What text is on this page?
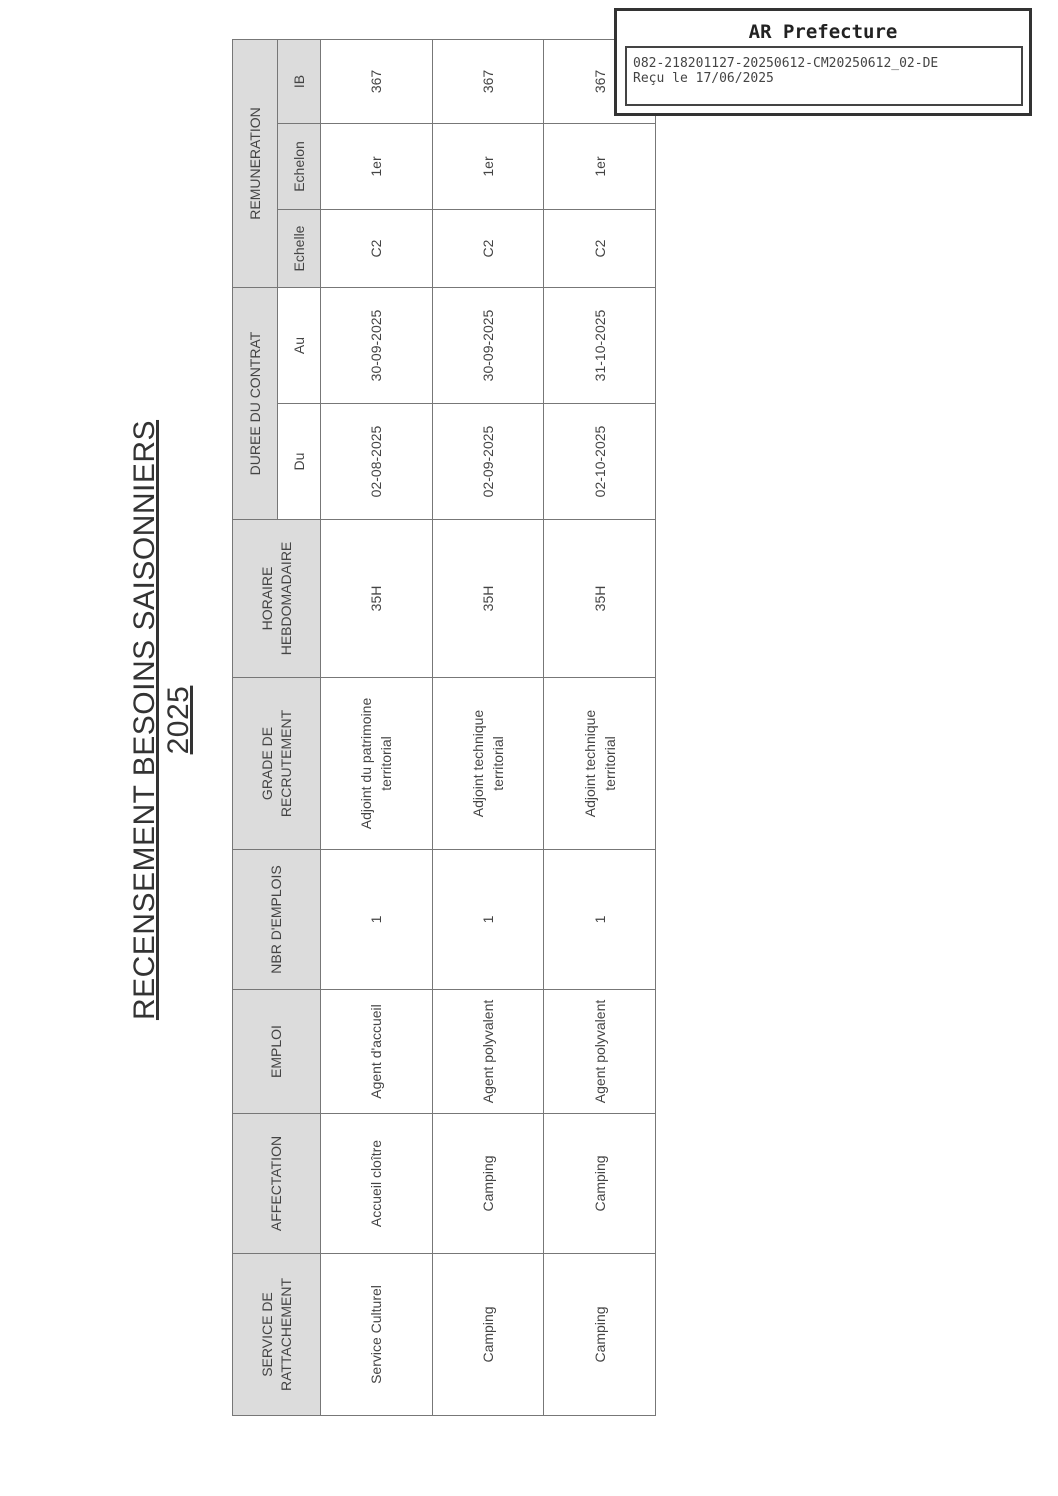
RECENSEMENT BESOINS SAISONNIERS 2025
SERVICE DE RATTACHEMENT	AFFECTATION	EMPLOI	NBR D'EMPLOIS	GRADE DE RECRUTEMENT	HORAIRE HEBDOMADAIRE	DUREE DU CONTRAT		REMUNERATION		
						Du	Au	Echelle	Echelon	IB
Service Culturel	Accueil cloître	Agent d'accueil	1	Adjoint du patrimoine territorial	35H	02-08-2025	30-09-2025	C2	1er	367
Camping	Camping	Agent polyvalent	1	Adjoint technique territorial	35H	02-09-2025	30-09-2025	C2	1er	367
Camping	Camping	Agent polyvalent	1	Adjoint technique territorial	35H	02-10-2025	31-10-2025	C2	1er	367
AR Prefecture
082-218201127-20250612-CM20250612_02-DE
Reçu le 17/06/2025
